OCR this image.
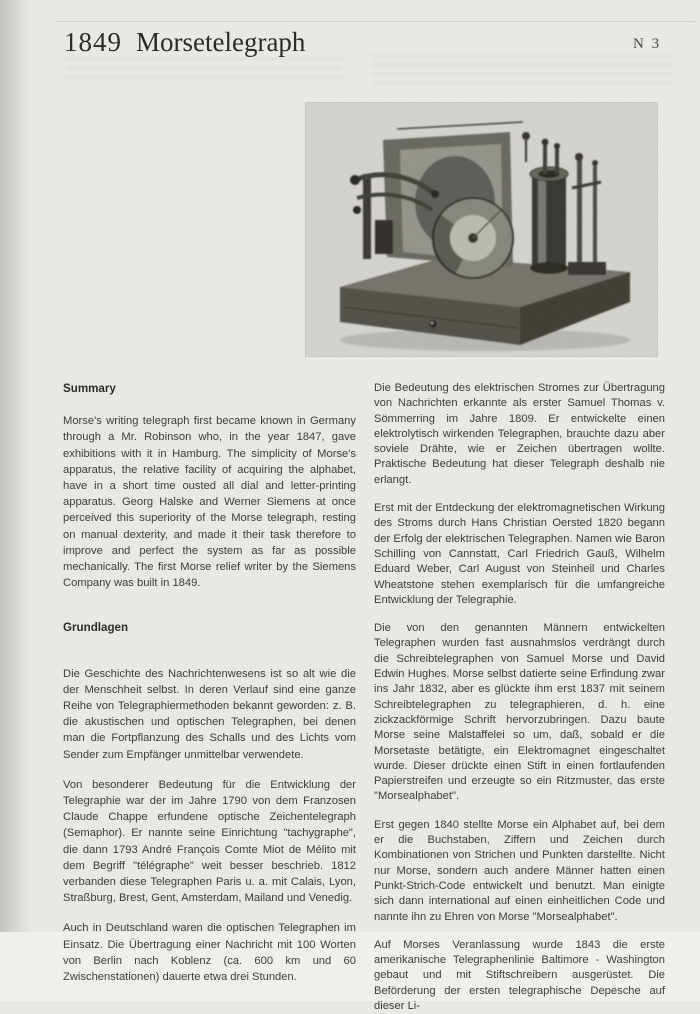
1849 Morsetelegraph	N 3
Summary

Morse's writing telegraph first became known in Germany through a Mr. Robinson who, in the year 1847, gave exhibitions with it in Hamburg. The simplicity of Morse's apparatus, the relative facility of acquiring the alphabet, have in a short time ousted all dial and letter-printing apparatus. Georg Halske and Werner Siemens at once perceived this superiority of the Morse telegraph, resting on manual dexterity, and made it their task therefore to improve and perfect the system as far as possible mechanically. The first Morse relief writer by the Siemens Company was built in 1849.

Grundlagen

Die Geschichte des Nachrichtenwesens ist so alt wie die der Menschheit selbst. In deren Verlauf sind eine ganze Reihe von Telegraphiermethoden bekannt geworden: z. B. die akustischen und optischen Telegraphen, bei denen man die Fortpflanzung des Schalls und des Lichts vom Sender zum Empfänger unmittelbar verwendete.

Von besonderer Bedeutung für die Entwicklung der Telegraphie war der im Jahre 1790 von dem Franzosen Claude Chappe erfundene optische Zeichentelegraph (Semaphor). Er nannte seine Einrichtung "tachygraphe", die dann 1793 André François Comte Miot de Mélito mit dem Begriff "télégraphe" weit besser beschrieb. 1812 verbanden diese Telegraphen Paris u. a. mit Calais, Lyon, Straßburg, Brest, Gent, Amsterdam, Mailand und Venedig.

Auch in Deutschland waren die optischen Telegraphen im Einsatz. Die Übertragung einer Nachricht mit 100 Worten von Berlin nach Koblenz (ca. 600 km und 60 Zwischenstationen) dauerte etwa drei Stunden.

Die Bedeutung des elektrischen Stromes zur Übertragung von Nachrichten erkannte als erster Samuel Thomas v. Sömmerring im Jahre 1809. Er entwickelte einen elektrolytisch wirkenden Telegraphen, brauchte dazu aber soviele Drähte, wie er Zeichen übertragen wollte. Praktische Bedeutung hat dieser Telegraph deshalb nie erlangt.

Erst mit der Entdeckung der elektromagnetischen Wirkung des Stroms durch Hans Christian Oersted 1820 begann der Erfolg der elektrischen Telegraphen. Namen wie Baron Schilling von Cannstatt, Carl Friedrich Gauß, Wilhelm Eduard Weber, Carl August von Steinheil und Charles Wheatstone stehen exemplarisch für die umfangreiche Entwicklung der Telegraphie.

Die von den genannten Männern entwickelten Telegraphen wurden fast ausnahmslos verdrängt durch die Schreibtelegraphen von Samuel Morse und David Edwin Hughes. Morse selbst datierte seine Erfindung zwar ins Jahr 1832, aber es glückte ihm erst 1837 mit seinem Schreibtelegraphen zu telegraphieren, d. h. eine zickzackförmige Schrift hervorzubringen. Dazu baute Morse seine Malstaffelei so um, daß, sobald er die Morsetaste betätigte, ein Elektromagnet eingeschaltet wurde. Dieser drückte einen Stift in einen fortlaufenden Papierstreifen und erzeugte so ein Ritzmuster, das erste "Morsealphabet".

Erst gegen 1840 stellte Morse ein Alphabet auf, bei dem er die Buchstaben, Ziffern und Zeichen durch Kombinationen von Strichen und Punkten darstellte. Nicht nur Morse, sondern auch andere Männer hatten einen Punkt-Strich-Code entwickelt und benutzt. Man einigte sich dann international auf einen einheitlichen Code und nannte ihn zu Ehren von Morse "Morsealphabet".

Auf Morses Veranlassung wurde 1843 die erste amerikanische Telegraphenlinie Baltimore - Washington gebaut und mit Stiftschreibern ausgerüstet. Die Beförderung der ersten telegraphische Depesche auf dieser Li-
